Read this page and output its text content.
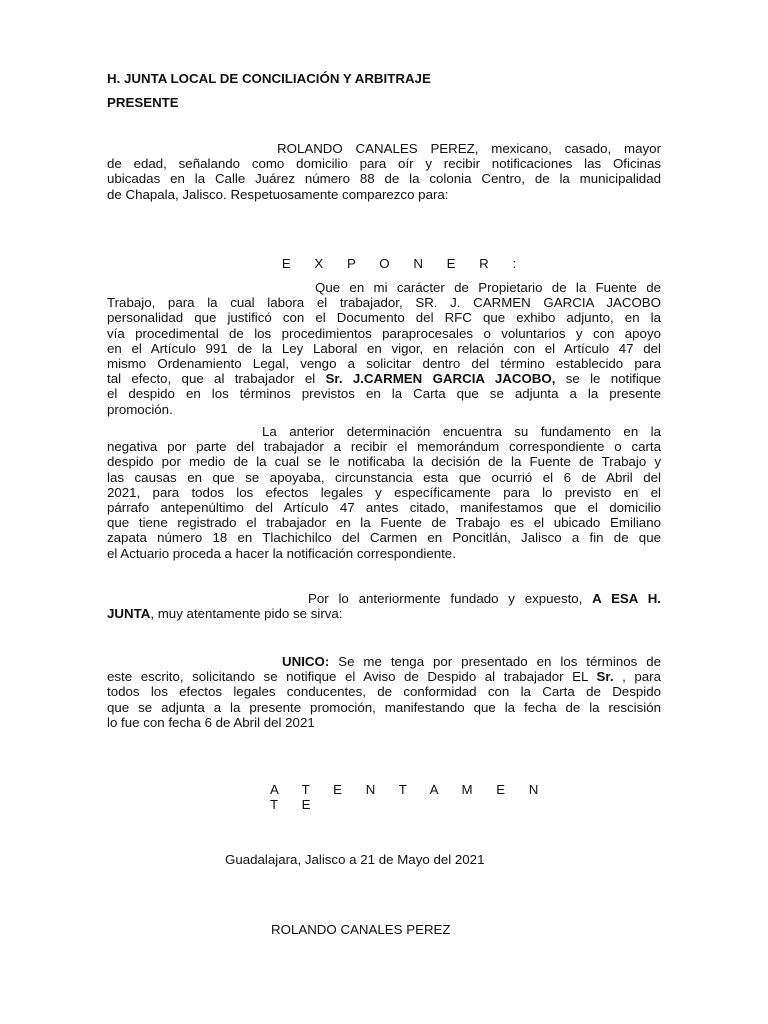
H. JUNTA LOCAL DE CONCILIACIÓN Y ARBITRAJE
PRESENTE
ROLANDO CANALES PEREZ, mexicano, casado, mayor
de edad, señalando como domicilio para oír y recibir notificaciones las Oficinas
ubicadas en la Calle Juárez número 88 de la colonia Centro, de la municipalidad
de Chapala, Jalisco. Respetuosamente comparezco para:
E X P O N E R :
Que en mi carácter de Propietario de la Fuente de
Trabajo, para la cual labora el trabajador, SR. J. CARMEN GARCIA JACOBO
personalidad que justificó con el Documento del RFC que exhibo adjunto, en la
vía procedimental de los procedimientos paraprocesales o voluntarios y con apoyo
en el Artículo 991 de la Ley Laboral en vigor, en relación con el Artículo 47 del
mismo Ordenamiento Legal, vengo a solicitar dentro del término establecido para
tal efecto, que al trabajador el Sr. J.CARMEN GARCIA JACOBO, se le notifique
el despido en los términos previstos en la Carta que se adjunta a la presente
promoción.
La anterior determinación encuentra su fundamento en la
negativa por parte del trabajador a recibir el memorándum correspondiente o carta
despido por medio de la cual se le notificaba la decisión de la Fuente de Trabajo y
las causas en que se apoyaba, circunstancia esta que ocurrió el 6 de Abril del
2021, para todos los efectos legales y específicamente para lo previsto en el
párrafo antepenúltimo del Artículo 47 antes citado, manifestamos que el domicilio
que tiene registrado el trabajador en la Fuente de Trabajo es el ubicado Emiliano
zapata número 18 en Tlachichilco del Carmen en Poncitlán, Jalisco a fin de que
el Actuario proceda a hacer la notificación correspondiente.
Por lo anteriormente fundado y expuesto, A ESA H.
JUNTA, muy atentamente pido se sirva:
UNICO: Se me tenga por presentado en los términos de
este escrito, solicitando se notifique el Aviso de Despido al trabajador EL Sr. , para
todos los efectos legales conducentes, de conformidad con la Carta de Despido
que se adjunta a la presente promoción, manifestando que la fecha de la rescisión
lo fue con fecha 6 de Abril del 2021
A T E N T A M E N T E
Guadalajara, Jalisco a 21 de Mayo del 2021
ROLANDO CANALES PEREZ
